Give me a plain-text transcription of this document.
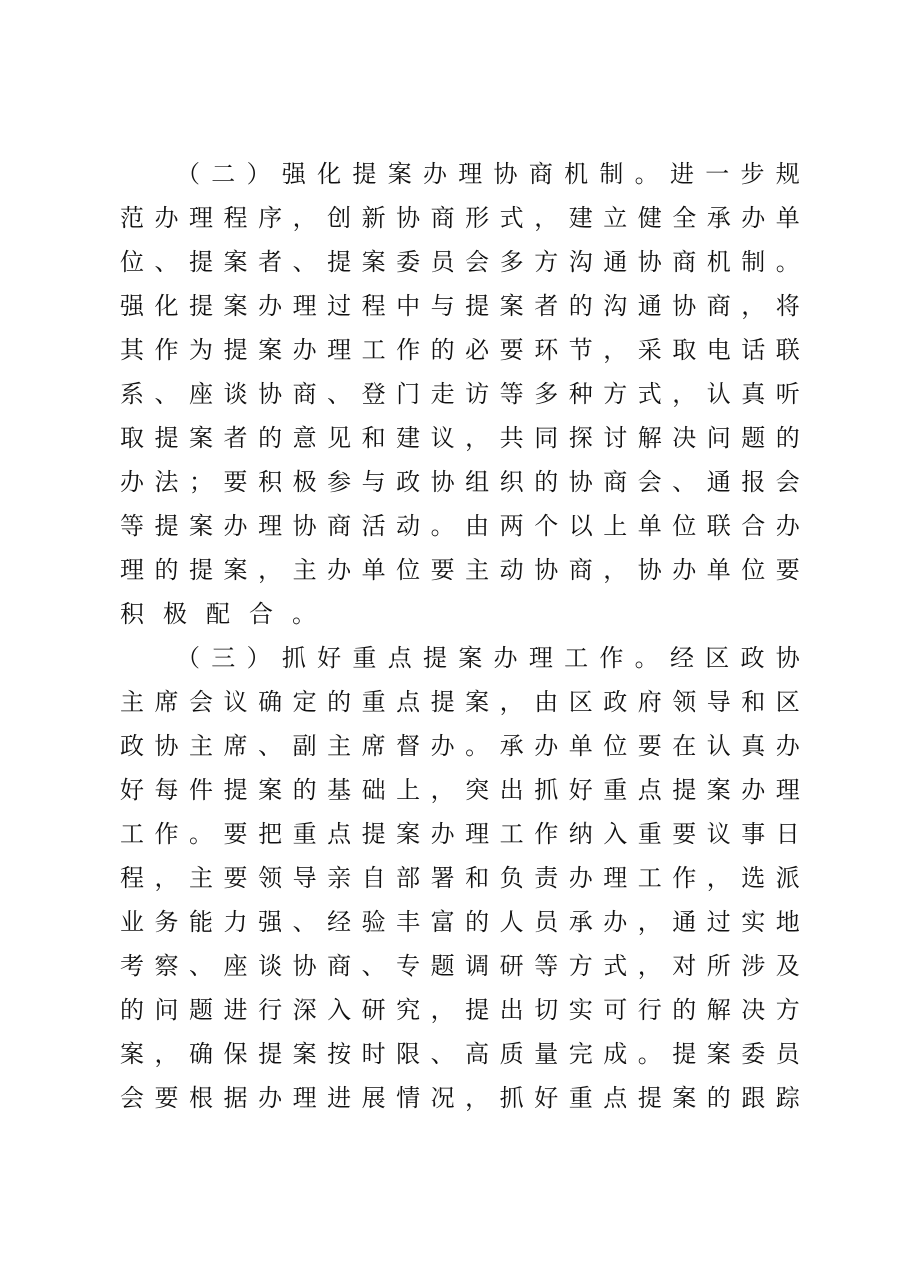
（ 二 ） 强 化 提 案 办 理 协 商 机 制 。 进 一 步 规
范 办 理 程 序 ， 创 新 协 商 形 式 ， 建 立 健 全 承 办 单
位 、 提 案 者 、 提 案 委 员 会 多 方 沟 通 协 商 机 制 。
强 化 提 案 办 理 过 程 中 与 提 案 者 的 沟 通 协 商 ， 将
其 作 为 提 案 办 理 工 作 的 必 要 环 节 ， 采 取 电 话 联
系 、 座 谈 协 商 、 登 门 走 访 等 多 种 方 式 ， 认 真 听
取 提 案 者 的 意 见 和 建 议 ， 共 同 探 讨 解 决 问 题 的
办 法 ； 要 积 极 参 与 政 协 组 织 的 协 商 会 、 通 报 会
等 提 案 办 理 协 商 活 动 。 由 两 个 以 上 单 位 联 合 办
理 的 提 案 ， 主 办 单 位 要 主 动 协 商 ， 协 办 单 位 要
积 极 配 合 。
（ 三 ） 抓 好 重 点 提 案 办 理 工 作 。 经 区 政 协
主 席 会 议 确 定 的 重 点 提 案 ， 由 区 政 府 领 导 和 区
政 协 主 席 、 副 主 席 督 办 。 承 办 单 位 要 在 认 真 办
好 每 件 提 案 的 基 础 上 ， 突 出 抓 好 重 点 提 案 办 理
工 作 。 要 把 重 点 提 案 办 理 工 作 纳 入 重 要 议 事 日
程 ， 主 要 领 导 亲 自 部 署 和 负 责 办 理 工 作 ， 选 派
业 务 能 力 强 、 经 验 丰 富 的 人 员 承 办 ， 通 过 实 地
考 察 、 座 谈 协 商 、 专 题 调 研 等 方 式 ， 对 所 涉 及
的 问 题 进 行 深 入 研 究 ， 提 出 切 实 可 行 的 解 决 方
案 ， 确 保 提 案 按 时 限 、 高 质 量 完 成 。 提 案 委 员
会 要 根 据 办 理 进 展 情 况 ， 抓 好 重 点 提 案 的 跟 踪
